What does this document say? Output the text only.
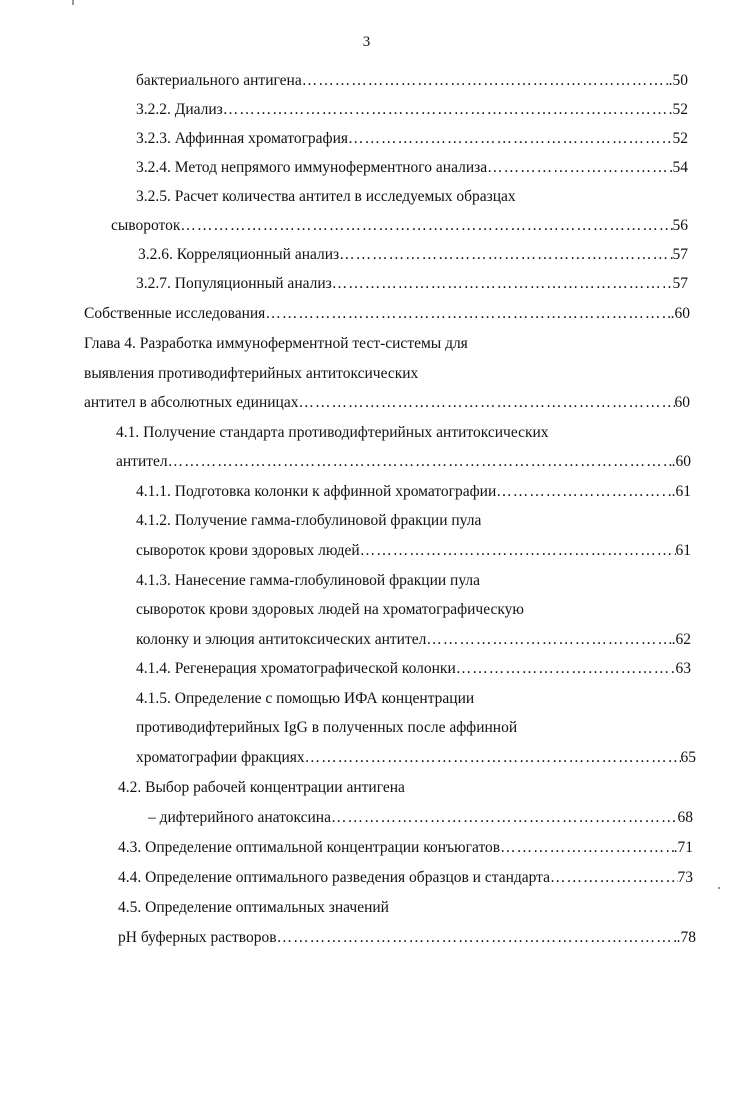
3
бактериального антигена ……………………………………………………………………………………………………………………………………………………………………	.50
3.2.2. Диализ ……………………………………………………………………………………………………………………………………………………………………	.52
3.2.3. Аффинная хроматография ……………………………………………………………………………………………………………………………………………………………………	52
3.2.4. Метод непрямого иммуноферментного анализа ……………………………………………………………………………………………………………………………………………………………………	54
3.2.5. Расчет количества антител в исследуемых образцах
сывороток ……………………………………………………………………………………………………………………………………………………………………	56
3.2.6. Корреляционный анализ ……………………………………………………………………………………………………………………………………………………………………	57
3.2.7. Популяционный анализ ……………………………………………………………………………………………………………………………………………………………………	57
Собственные исследования ……………………………………………………………………………………………………………………………………………………………………	.60
Глава 4. Разработка иммуноферментной тест-системы для
выявления противодифтерийных антитоксических
антител в абсолютных единицах ……………………………………………………………………………………………………………………………………………………………………	60
4.1. Получение стандарта противодифтерийных антитоксических
антител ……………………………………………………………………………………………………………………………………………………………………	.60
4.1.1. Подготовка колонки к аффинной хроматографии ……………………………………………………………………………………………………………………………………………………………………	..61
4.1.2. Получение гамма-глобулиновой фракции пула
сывороток крови здоровых людей ……………………………………………………………………………………………………………………………………………………………………	61
4.1.3. Нанесение гамма-глобулиновой фракции пула
сывороток крови здоровых людей на хроматографическую
колонку и элюция антитоксических антител ……………………………………………………………………………………………………………………………………………………………………	.62
4.1.4. Регенерация хроматографической колонки ……………………………………………………………………………………………………………………………………………………………………	63
4.1.5. Определение с помощью ИФА концентрации
противодифтерийных IgG в полученных после аффинной
хроматографии фракциях ……………………………………………………………………………………………………………………………………………………………………	65
4.2. Выбор рабочей концентрации антигена
– дифтерийного анатоксина ……………………………………………………………………………………………………………………………………………………………………	68
4.3. Определение оптимальной концентрации конъюгатов ……………………………………………………………………………………………………………………………………………………………………	.71
4.4. Определение оптимального разведения образцов и стандарта ……………………………………………………………………………………………………………………………………………………………………	73
4.5. Определение оптимальных значений
pH буферных растворов ……………………………………………………………………………………………………………………………………………………………………	.78
